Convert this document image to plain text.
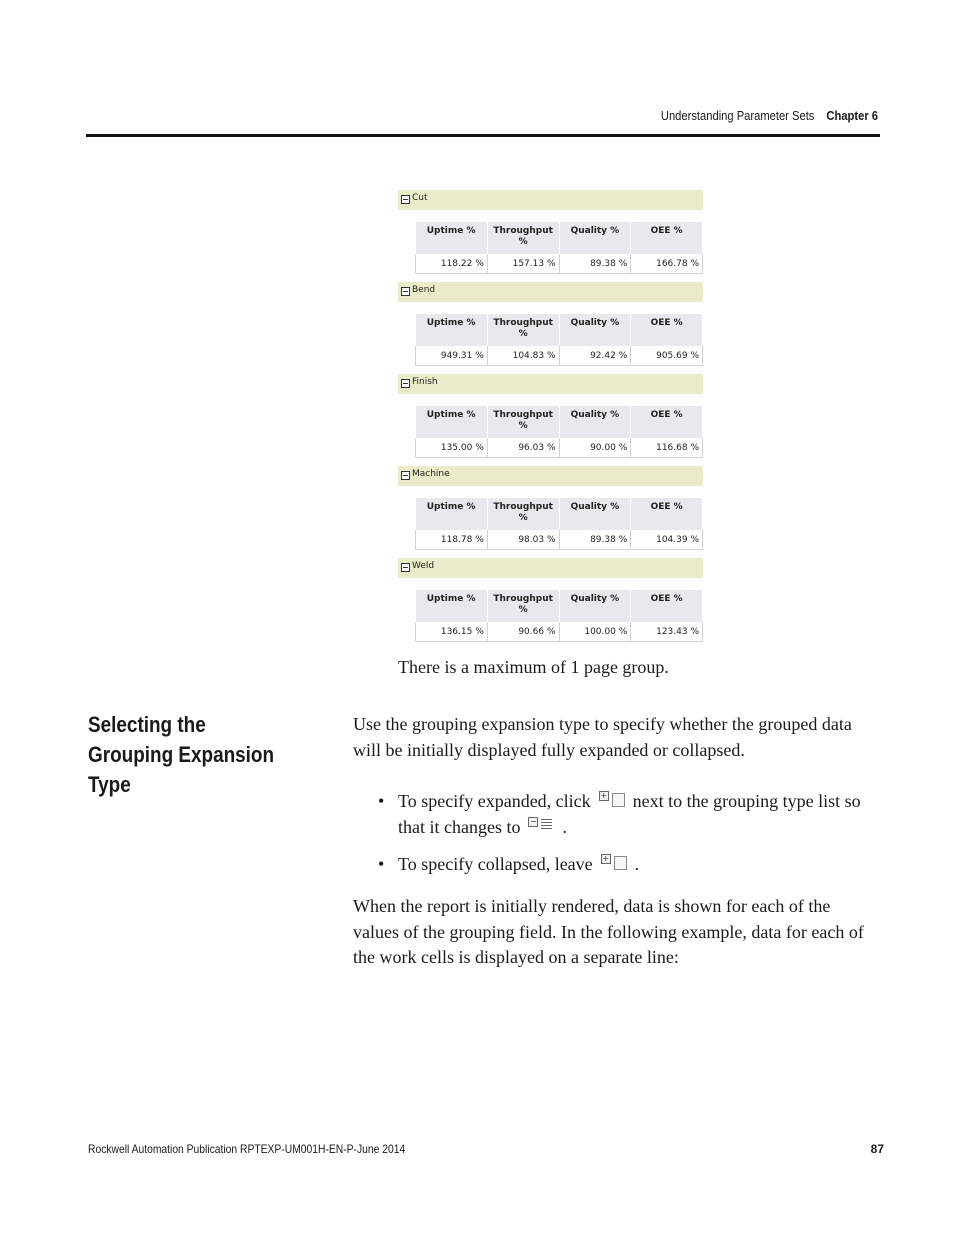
Understanding Parameter Sets Chapter 6
Cut
Uptime %	Throughput %	Quality %	OEE %
118.22 %	157.13 %	89.38 %	166.78 %
Bend
Uptime %	Throughput %	Quality %	OEE %
949.31 %	104.83 %	92.42 %	905.69 %
Finish
Uptime %	Throughput %	Quality %	OEE %
135.00 %	96.03 %	90.00 %	116.68 %
Machine
Uptime %	Throughput %	Quality %	OEE %
118.78 %	98.03 %	89.38 %	104.39 %
Weld
Uptime %	Throughput %	Quality %	OEE %
136.15 %	90.66 %	100.00 %	123.43 %
There is a maximum of 1 page group.
Selecting the Grouping Expansion Type
Use the grouping expansion type to specify whether the grouped data will be initially displayed fully expanded or collapsed.
• To specify expanded, click + next to the grouping type list so that it changes to − .
• To specify collapsed, leave + .
When the report is initially rendered, data is shown for each of the values of the grouping field. In the following example, data for each of the work cells is displayed on a separate line:
Rockwell Automation Publication RPTEXP-UM001H-EN-P-June 2014	87
